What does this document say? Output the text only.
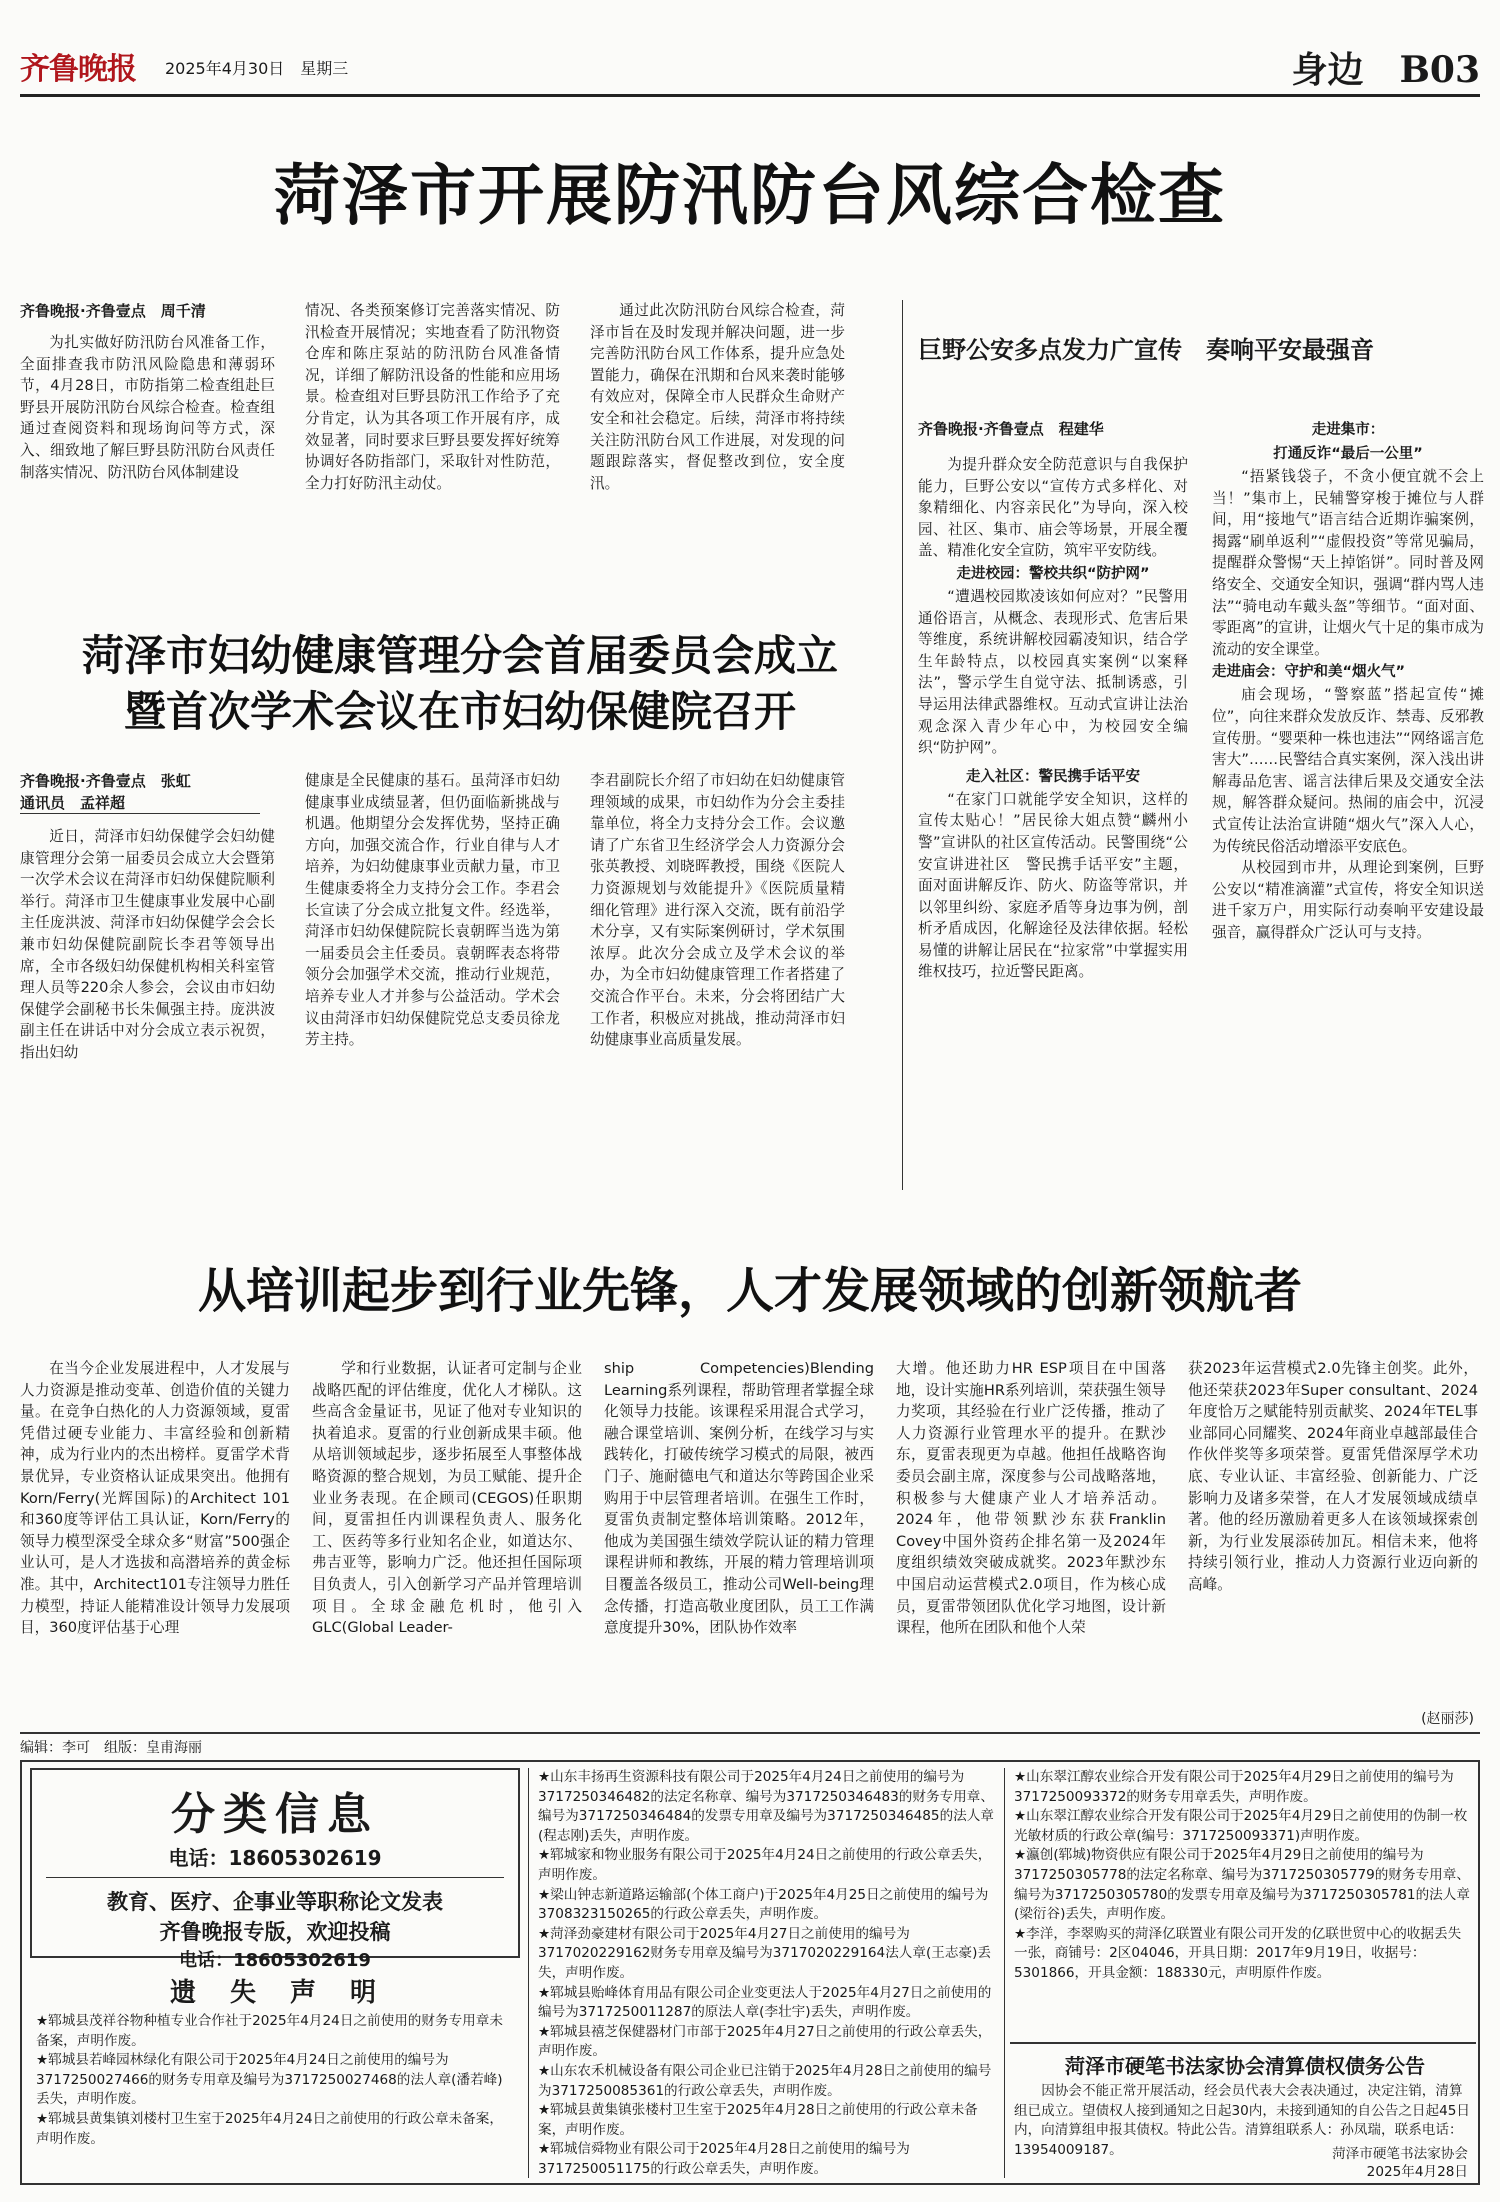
齐鲁晚报 2025年4月30日　星期三	身边　B03
菏泽市开展防汛防台风综合检查
齐鲁晚报·齐鲁壹点　周千清

为扎实做好防汛防台风准备工作，全面排查我市防汛风险隐患和薄弱环节，4月28日，市防指第二检查组赴巨野县开展防汛防台风综合检查。检查组通过查阅资料和现场询问等方式，深入、细致地了解巨野县防汛防台风责任制落实情况、防汛防台风体制建设

情况、各类预案修订完善落实情况、防汛检查开展情况；实地查看了防汛物资仓库和陈庄泵站的防汛防台风准备情况，详细了解防汛设备的性能和应用场景。检查组对巨野县防汛工作给予了充分肯定，认为其各项工作开展有序，成效显著，同时要求巨野县要发挥好统筹协调好各防指部门，采取针对性防范，全力打好防汛主动仗。

通过此次防汛防台风综合检查，菏泽市旨在及时发现并解决问题，进一步完善防汛防台风工作体系，提升应急处置能力，确保在汛期和台风来袭时能够有效应对，保障全市人民群众生命财产安全和社会稳定。后续，菏泽市将持续关注防汛防台风工作进展，对发现的问题跟踪落实，督促整改到位，安全度汛。

巨野公安多点发力广宣传　奏响平安最强音
齐鲁晚报·齐鲁壹点　程建华

为提升群众安全防范意识与自我保护能力，巨野公安以“宣传方式多样化、对象精细化、内容亲民化”为导向，深入校园、社区、集市、庙会等场景，开展全覆盖、精准化安全宣防，筑牢平安防线。

走进校园：警校共织“防护网”

“遭遇校园欺凌该如何应对？”民警用通俗语言，从概念、表现形式、危害后果等维度，系统讲解校园霸凌知识，结合学生年龄特点，以校园真实案例“以案释法”，警示学生自觉守法、抵制诱惑，引导运用法律武器维权。互动式宣讲让法治观念深入青少年心中，为校园安全编织“防护网”。

走入社区：警民携手话平安

“在家门口就能学安全知识，这样的宣传太贴心！”居民徐大姐点赞“麟州小警”宣讲队的社区宣传活动。民警围绕“公安宣讲进社区　警民携手话平安”主题，面对面讲解反诈、防火、防盗等常识，并以邻里纠纷、家庭矛盾等身边事为例，剖析矛盾成因，化解途径及法律依据。轻松易懂的讲解让居民在“拉家常”中掌握实用维权技巧，拉近警民距离。

走进集市：
打通反诈“最后一公里”

“捂紧钱袋子，不贪小便宜就不会上当！”集市上，民辅警穿梭于摊位与人群间，用“接地气”语言结合近期诈骗案例，揭露“刷单返利”“虚假投资”等常见骗局，提醒群众警惕“天上掉馅饼”。同时普及网络安全、交通安全知识，强调“群内骂人违法”“骑电动车戴头盔”等细节。“面对面、零距离”的宣讲，让烟火气十足的集市成为流动的安全课堂。

走进庙会：守护和美“烟火气”

庙会现场，“警察蓝”搭起宣传“摊位”，向往来群众发放反诈、禁毒、反邪教宣传册。“婴栗种一株也违法”“网络谣言危害大”……民警结合真实案例，深入浅出讲解毒品危害、谣言法律后果及交通安全法规，解答群众疑问。热闹的庙会中，沉浸式宣传让法治宣讲随“烟火气”深入人心，为传统民俗活动增添平安底色。

从校园到市井，从理论到案例，巨野公安以“精准滴灌”式宣传，将安全知识送进千家万户，用实际行动奏响平安建设最强音，赢得群众广泛认可与支持。

菏泽市妇幼健康管理分会首届委员会成立
暨首次学术会议在市妇幼保健院召开
齐鲁晚报·齐鲁壹点　张虹
通讯员　孟祥超

近日，菏泽市妇幼保健学会妇幼健康管理分会第一届委员会成立大会暨第一次学术会议在菏泽市妇幼保健院顺利举行。菏泽市卫生健康事业发展中心副主任庞洪波、菏泽市妇幼保健学会会长兼市妇幼保健院副院长李君等领导出席，全市各级妇幼保健机构相关科室管理人员等220余人参会，会议由市妇幼保健学会副秘书长朱佩强主持。庞洪波副主任在讲话中对分会成立表示祝贺，指出妇幼

健康是全民健康的基石。虽菏泽市妇幼健康事业成绩显著，但仍面临新挑战与机遇。他期望分会发挥优势，坚持正确方向，加强交流合作，行业自律与人才培养，为妇幼健康事业贡献力量，市卫生健康委将全力支持分会工作。李君会长宣读了分会成立批复文件。经选举，菏泽市妇幼保健院院长袁朝晖当选为第一届委员会主任委员。袁朝晖表态将带领分会加强学术交流，推动行业规范，培养专业人才并参与公益活动。学术会议由菏泽市妇幼保健院党总支委员徐龙芳主持。

李君副院长介绍了市妇幼在妇幼健康管理领域的成果，市妇幼作为分会主委挂靠单位，将全力支持分会工作。会议邀请了广东省卫生经济学会人力资源分会张英教授、刘晓晖教授，围绕《医院人力资源规划与效能提升》《医院质量精细化管理》进行深入交流，既有前沿学术分享，又有实际案例研讨，学术氛围浓厚。此次分会成立及学术会议的举办，为全市妇幼健康管理工作者搭建了交流合作平台。未来，分会将团结广大工作者，积极应对挑战，推动菏泽市妇幼健康事业高质量发展。

从培训起步到行业先锋，人才发展领域的创新领航者

在当今企业发展进程中，人才发展与人力资源是推动变革、创造价值的关键力量。在竞争白热化的人力资源领域，夏雷凭借过硬专业能力、丰富经验和创新精神，成为行业内的杰出榜样。夏雷学术背景优异，专业资格认证成果突出。他拥有Korn/Ferry(光辉国际)的Architect 101和360度等评估工具认证，Korn/Ferry的领导力模型深受全球众多“财富”500强企业认可，是人才选拔和高潜培养的黄金标准。其中，Architect101专注领导力胜任力模型，持证人能精准设计领导力发展项目，360度评估基于心理

学和行业数据，认证者可定制与企业战略匹配的评估维度，优化人才梯队。这些高含金量证书，见证了他对专业知识的执着追求。夏雷的行业创新成果丰硕。他从培训领域起步，逐步拓展至人事整体战略资源的整合规划，为员工赋能、提升企业业务表现。在企顾司(CEGOS)任职期间，夏雷担任内训课程负责人、服务化工、医药等多行业知名企业，如道达尔、弗吉亚等，影响力广泛。他还担任国际项目负责人，引入创新学习产品并管理培训项目。全球金融危机时，他引入GLC(Global Leader-

ship Competencies)Blending Learning系列课程，帮助管理者掌握全球化领导力技能。该课程采用混合式学习，融合课堂培训、案例分析，在线学习与实践转化，打破传统学习模式的局限，被西门子、施耐德电气和道达尔等跨国企业采购用于中层管理者培训。在强生工作时，夏雷负责制定整体培训策略。2012年，他成为美国强生绩效学院认证的精力管理课程讲师和教练，开展的精力管理培训项目覆盖各级员工，推动公司Well-being理念传播，打造高敬业度团队，员工工作满意度提升30%，团队协作效率

大增。他还助力HR ESP项目在中国落地，设计实施HR系列培训，荣获强生领导力奖项，其经验在行业广泛传播，推动了人力资源行业管理水平的提升。在默沙东，夏雷表现更为卓越。他担任战略咨询委员会副主席，深度参与公司战略落地，积极参与大健康产业人才培养活动。2024年，他带领默沙东获Franklin Covey中国外资药企排名第一及2024年度组织绩效突破成就奖。2023年默沙东中国启动运营模式2.0项目，作为核心成员，夏雷带领团队优化学习地图，设计新课程，他所在团队和他个人荣

获2023年运营模式2.0先锋主创奖。此外，他还荣获2023年Super consultant、2024年度恰万之赋能特别贡献奖、2024年TEL事业部同心同耀奖、2024年商业卓越部最佳合作伙伴奖等多项荣誉。夏雷凭借深厚学术功底、专业认证、丰富经验、创新能力、广泛影响力及诸多荣誉，在人才发展领域成绩卓著。他的经历激励着更多人在该领域探索创新，为行业发展添砖加瓦。相信未来，他将持续引领行业，推动人力资源行业迈向新的高峰。

(赵丽莎)
编辑：李可　组版：皇甫海丽
分类信息
电话：18605302619
教育、医疗、企事业等职称论文发表
齐鲁晚报专版，欢迎投稿
电话：18605302619
遗　失　声　明

★郓城县茂祥谷物种植专业合作社于2025年4月24日之前使用的财务专用章未备案，声明作废。

★郓城县若峰园林绿化有限公司于2025年4月24日之前使用的编号为3717250027466的财务专用章及编号为3717250027468的法人章(潘若峰)丢失，声明作废。

★郓城县黄集镇刘楼村卫生室于2025年4月24日之前使用的行政公章未备案，声明作废。

★山东丰扬再生资源科技有限公司于2025年4月24日之前使用的编号为3717250346482的法定名称章、编号为3717250346483的财务专用章、编号为3717250346484的发票专用章及编号为3717250346485的法人章(程志刚)丢失，声明作废。

★郓城家和物业服务有限公司于2025年4月24日之前使用的行政公章丢失，声明作废。

★梁山钟志新道路运输部(个体工商户)于2025年4月25日之前使用的编号为3708323150265的行政公章丢失，声明作废。

★菏泽劲豪建材有限公司于2025年4月27日之前使用的编号为3717020229162财务专用章及编号为3717020229164法人章(王志豪)丢失，声明作废。

★郓城县贻峰体育用品有限公司企业变更法人于2025年4月27日之前使用的编号为3717250011287的原法人章(李壮宇)丢失，声明作废。

★郓城县禧芝保健器材门市部于2025年4月27日之前使用的行政公章丢失，声明作废。

★山东农禾机械设备有限公司企业已注销于2025年4月28日之前使用的编号为3717250085361的行政公章丢失，声明作废。

★郓城县黄集镇张楼村卫生室于2025年4月28日之前使用的行政公章未备案，声明作废。

★郓城信舜物业有限公司于2025年4月28日之前使用的编号为3717250051175的行政公章丢失，声明作废。

★山东翠江醇农业综合开发有限公司于2025年4月29日之前使用的编号为3717250093372的财务专用章丢失，声明作废。

★山东翠江醇农业综合开发有限公司于2025年4月29日之前使用的伪制一枚光敏材质的行政公章(编号：3717250093371)声明作废。

★瀛创(郓城)物资供应有限公司于2025年4月29日之前使用的编号为3717250305778的法定名称章、编号为3717250305779的财务专用章、编号为3717250305780的发票专用章及编号为3717250305781的法人章(梁衍谷)丢失，声明作废。

★李洋，李翠购买的菏泽亿联置业有限公司开发的亿联世贸中心的收据丢失一张，商铺号：2区04046，开具日期：2017年9月19日，收据号：5301866，开具金额：188330元，声明原件作废。

菏泽市硬笔书法家协会清算债权债务公告
因协会不能正常开展活动，经会员代表大会表决通过，决定注销，清算组已成立。望债权人接到通知之日起30内，未接到通知的自公告之日起45日内，向清算组申报其债权。特此公告。清算组联系人：孙凤瑞，联系电话：13954009187。	菏泽市硬笔书法家协会
2025年4月28日
